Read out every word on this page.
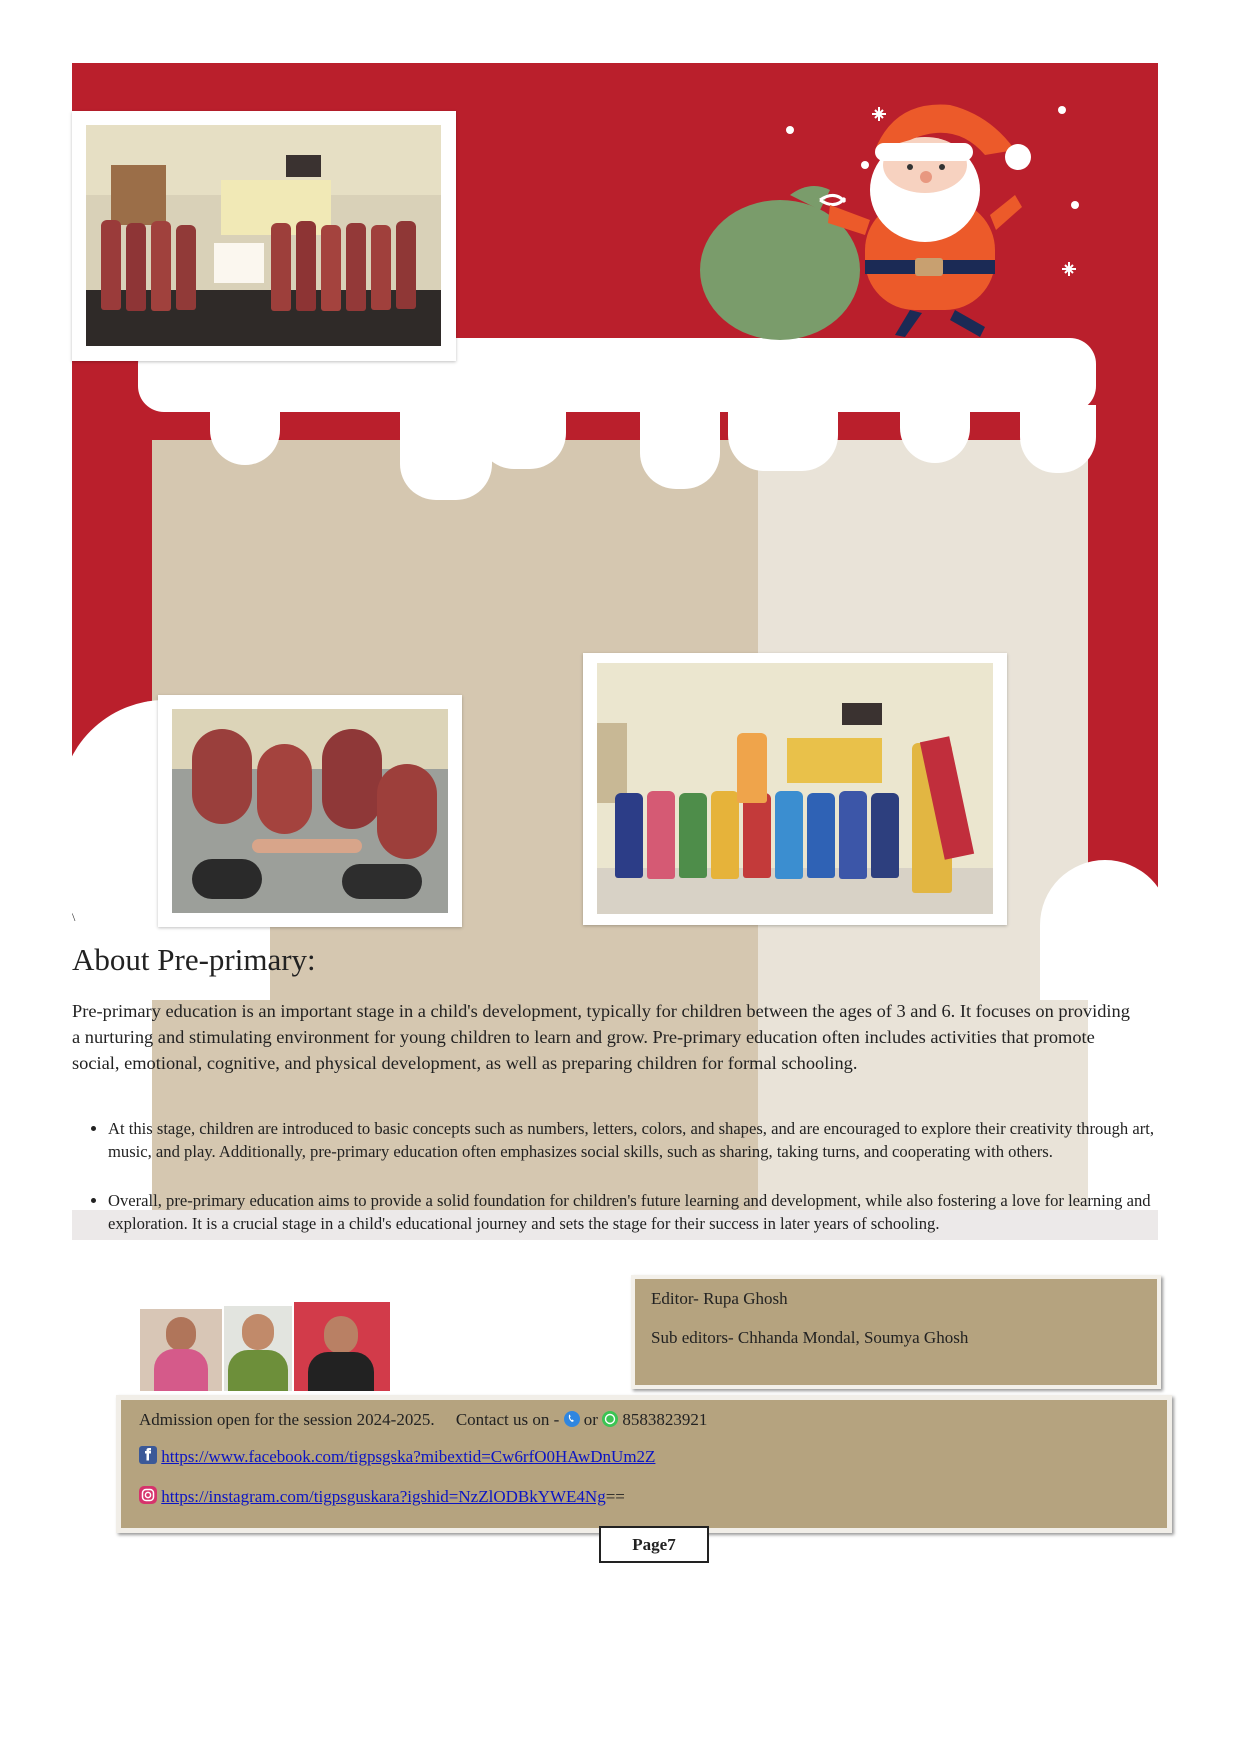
\
About Pre-primary:
Pre-primary education is an important stage in a child's development, typically for children between the ages of 3 and 6. It focuses on providing a nurturing and stimulating environment for young children to learn and grow. Pre-primary education often includes activities that promote social, emotional, cognitive, and physical development, as well as preparing children for formal schooling.
• At this stage, children are introduced to basic concepts such as numbers, letters, colors, and shapes, and are encouraged to explore their creativity through art, music, and play. Additionally, pre-primary education often emphasizes social skills, such as sharing, taking turns, and cooperating with others.
• Overall, pre-primary education aims to provide a solid foundation for children's future learning and development, while also fostering a love for learning and exploration. It is a crucial stage in a child's educational journey and sets the stage for their success in later years of schooling.
Editor- Rupa Ghosh
Sub editors- Chhanda Mondal, Soumya Ghosh
Admission open for the session 2024-2025. Contact us on - or 8583823921
https://www.facebook.com/tigpsgska?mibextid=Cw6rfO0HAwDnUm2Z
https://instagram.com/tigpsguskara?igshid=NzZlODBkYWE4Ng==
Page7
